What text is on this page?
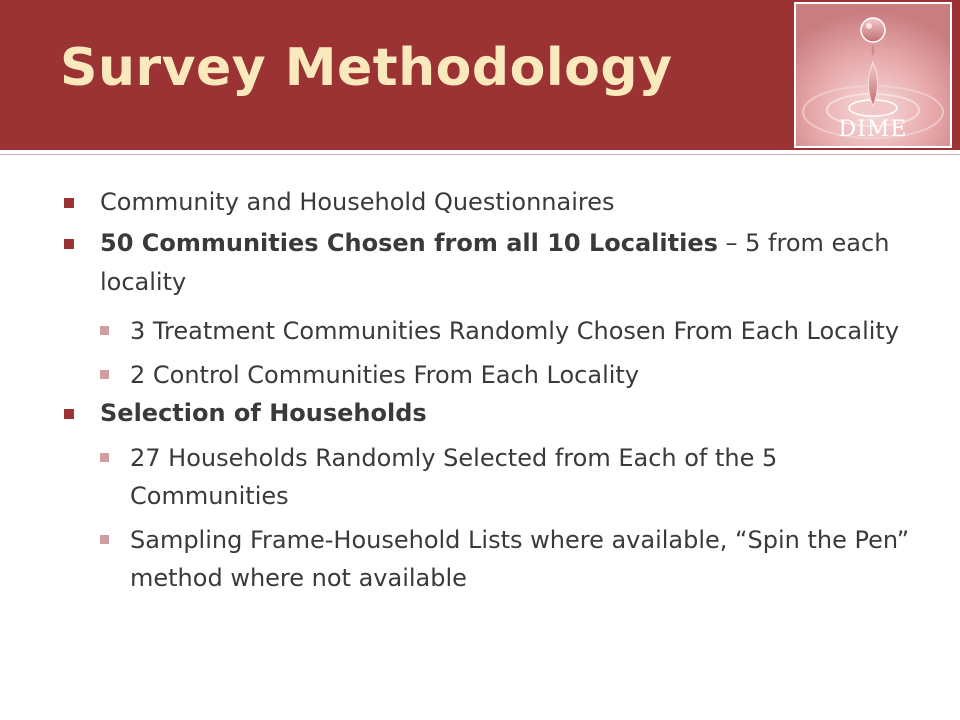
Survey Methodology
DIME

Community and Household Questionnaires

50 Communities Chosen from all 10 Localities – 5 from each locality

3 Treatment Communities Randomly Chosen From Each Locality

2 Control Communities From Each Locality

Selection of Households

27 Households Randomly Selected from Each of the 5 Communities

Sampling Frame-Household Lists where available, “Spin the Pen” method where not available
